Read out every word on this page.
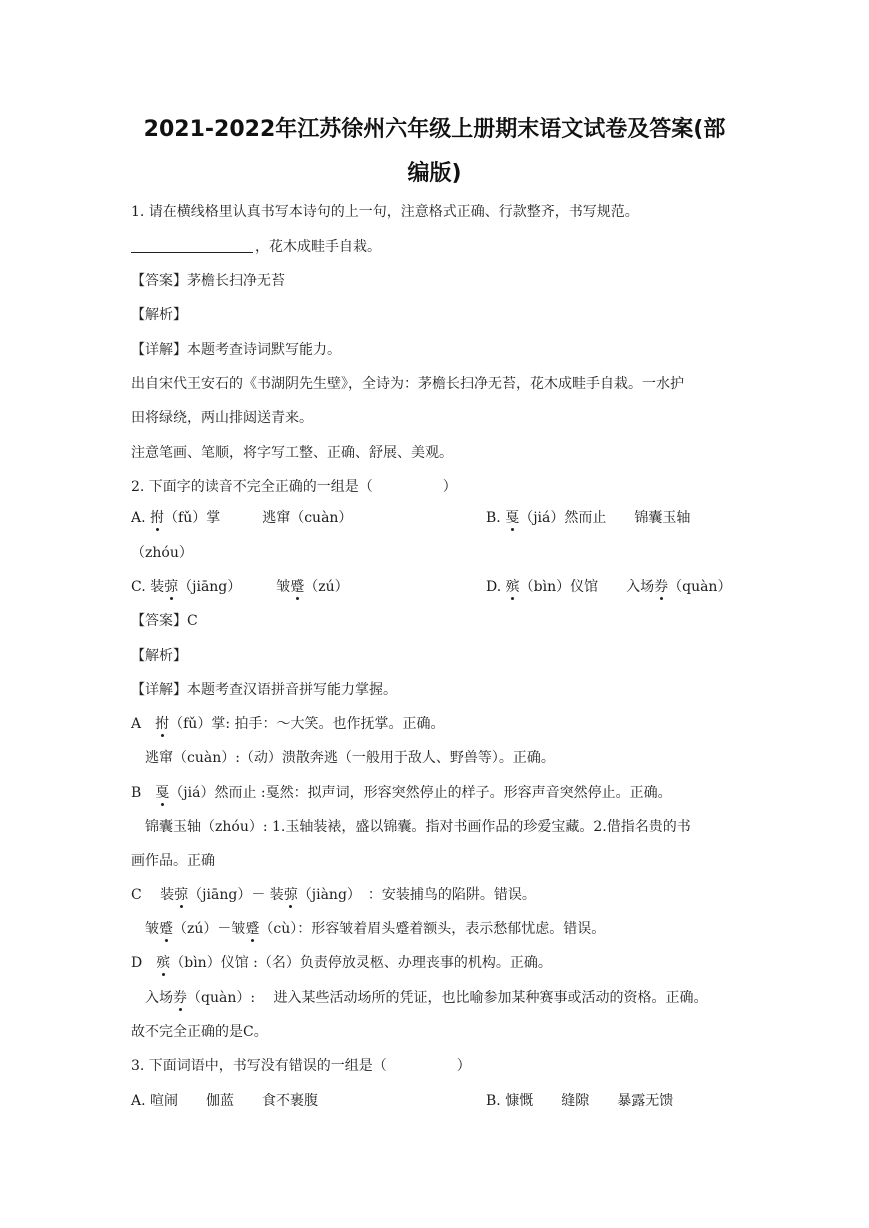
2021-2022年江苏徐州六年级上册期末语文试卷及答案(部
编版)
1. 请在横线格里认真书写本诗句的上一句，注意格式正确、行款整齐，书写规范。
，花木成畦手自栽。
【答案】茅檐长扫净无苔
【解析】
【详解】本题考查诗词默写能力。
出自宋代王安石的《书湖阴先生壁》，全诗为：茅檐长扫净无苔，花木成畦手自栽。一水护
田将绿绕，两山排闼送青来。
注意笔画、笔顺，将字写工整、正确、舒展、美观。
2. 下面字的读音不完全正确的一组是（　　　　　）
A. 拊（fǔ）掌　　　逃窜（cuàn）	B. 戛（jiá）然而止　　锦囊玉轴
（zhóu）
C. 装弶（jiāng）　　　皱蹙（zú）	D. 殡（bìn）仪馆　　入场券（quàn）
【答案】C
【解析】
【详解】本题考查汉语拼音拼写能力掌握。
A　拊（fǔ）掌: 拍手：～大笑。也作抚掌。正确。
　逃窜（cuàn）:（动）溃散奔逃（一般用于敌人、野兽等）。正确。
B　戛（jiá）然而止 :戛然：拟声词，形容突然停止的样子。形容声音突然停止。正确。
　锦囊玉轴（zhóu）: 1.玉轴装裱，盛以锦囊。指对书画作品的珍爱宝藏。2.借指名贵的书
画作品。正确
C　 装弶（jiāng）－ 装弶（jiàng）　：安装捕鸟的陷阱。错误。
　皱蹙（zú）－皱蹙（cù）：形容皱着眉头蹙着额头，表示愁郁忧虑。错误。
D　殡（bìn）仪馆 :（名）负责停放灵柩、办理丧事的机构。正确。
　入场券（quàn）:　 进入某些活动场所的凭证，也比喻参加某种赛事或活动的资格。正确。
故不完全正确的是C。
3. 下面词语中，书写没有错误的一组是（　　　　　）
A. 喧闹　　伽蓝　　食不裹腹	B. 慷慨　　缝隙　　暴露无馈
